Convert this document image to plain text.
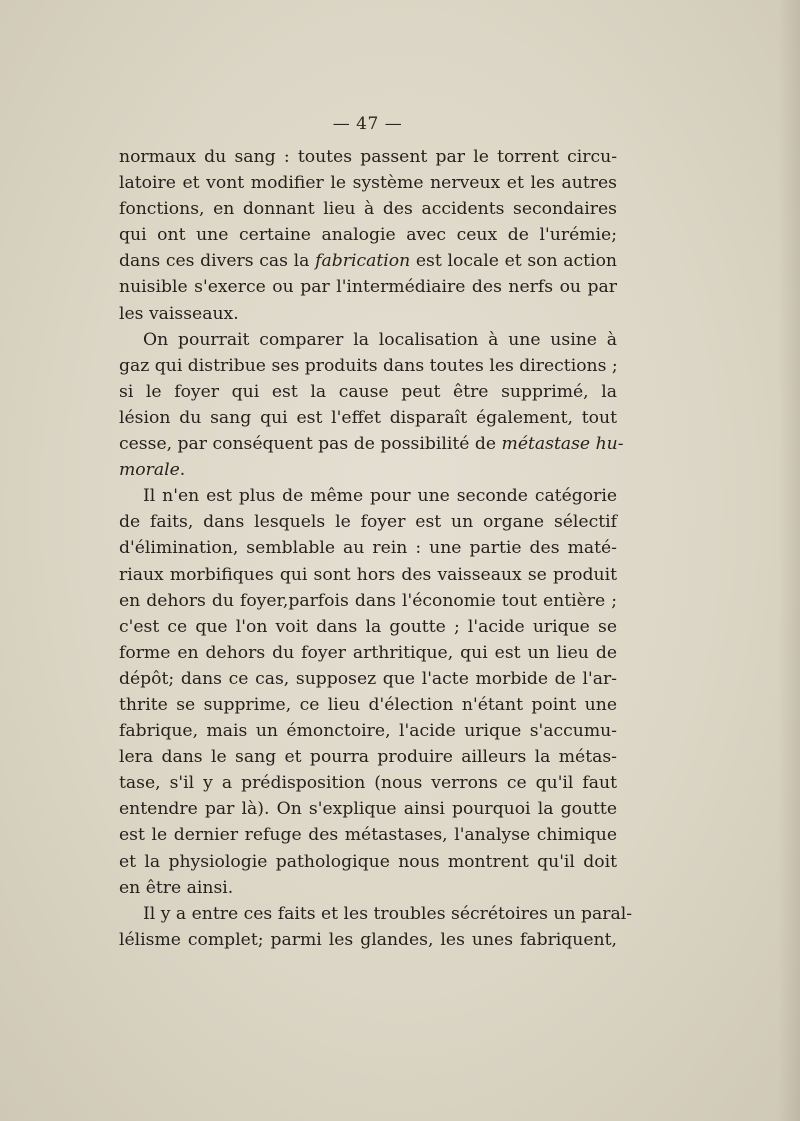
— 47 —
normaux du sang : toutes passent par le torrent circu-
latoire et vont modifier le système nerveux et les autres
fonctions, en donnant lieu à des accidents secondaires
qui ont une certaine analogie avec ceux de l'urémie;
dans ces divers cas la fabrication est locale et son action
nuisible s'exerce ou par l'intermédiaire des nerfs ou par
les vaisseaux.
On pourrait comparer la localisation à une usine à
gaz qui distribue ses produits dans toutes les directions ;
si le foyer qui est la cause peut être supprimé, la
lésion du sang qui est l'effet disparaît également, tout
cesse, par conséquent pas de possibilité de métastase hu-
morale.
Il n'en est plus de même pour une seconde catégorie
de faits, dans lesquels le foyer est un organe sélectif
d'élimination, semblable au rein : une partie des maté-
riaux morbifiques qui sont hors des vaisseaux se produit
en dehors du foyer,parfois dans l'économie tout entière ;
c'est ce que l'on voit dans la goutte ; l'acide urique se
forme en dehors du foyer arthritique, qui est un lieu de
dépôt; dans ce cas, supposez que l'acte morbide de l'ar-
thrite se supprime, ce lieu d'élection n'étant point une
fabrique, mais un émonctoire, l'acide urique s'accumu-
lera dans le sang et pourra produire ailleurs la métas-
tase, s'il y a prédisposition (nous verrons ce qu'il faut
entendre par là). On s'explique ainsi pourquoi la goutte
est le dernier refuge des métastases, l'analyse chimique
et la physiologie pathologique nous montrent qu'il doit
en être ainsi.
Il y a entre ces faits et les troubles sécrétoires un paral-
lélisme complet; parmi les glandes, les unes fabriquent,
